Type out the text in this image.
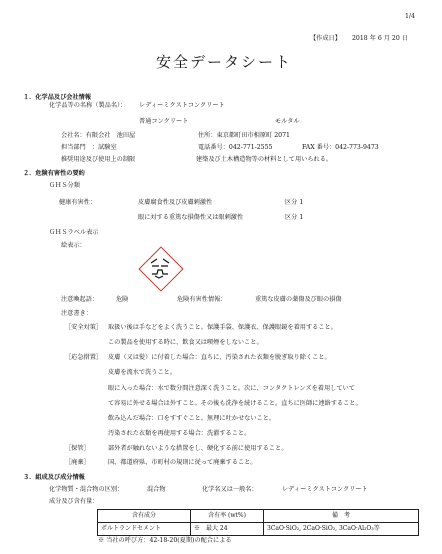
1/4
【作成日】 2018 年 6 月 20 日
安全データシート
１．化学品及び会社情報
化学品等の名称（製品名）： レディーミクストコンクリート
普通コンクリート	モルタル
会社名：有限会社　池田屋	住所：東京都町田市相原町 2071
担当部門　：試験室	電話番号：042-771-2555	FAX 番号：042-773-9473
推奨用途及び使用上の制限	建築及び土木構造物等の材料として用いられる。
２．危険有害性の要約
ＧＨＳ分類
健康有害性：	皮膚腐食性及び皮膚刺激性	区分 1
眼に対する重篤な損傷性又は眼刺激性	区分 1
ＧＨＳラベル表示
絵表示：
注意喚起語：	危険	危険有害性情報：	重篤な皮膚の薬傷及び眼の損傷
注意書き：
［安全対策］ 取扱い後は手などをよく洗うこと。保護手袋、保護衣、保護眼鏡を着用すること。
この製品を使用する時に、飲食又は喫煙をしないこと。
［応急措置］ 皮膚（又は髪）に付着した場合：直ちに、汚染された衣類を脱ぎ取り除くこと。
皮膚を流水で洗うこと。
眼に入った場合：水で数分間注意深く洗うこと。次に、コンタクトレンズを着用していて
て容易に外せる場合は外すこと。その後も洗浄を続けること。直ちに医師に連絡すること。
飲み込んだ場合：口をすすぐこと。無理に吐かせないこと。
汚染された衣類を再使用する場合：洗濯すること。
［保管］	部外者が触れないような措置をし、硬化する前に使用すること。
［廃棄］	国、都道府県、市町村の規則に従って廃棄すること。
３．組成及び成分情報
化学物質・混合物の区別：	混合物	化学名又は一般名：	レディーミクストコンクリート
成分及び含有量：
含有成分	含有率 (wt%)	備　考
ポルトランドセメント	※　最大 24	3CaO·SiO₂, 2CaO·SiO₂, 3CaO·Al₂O₃等
※ 当社の呼び方：42-18-20(夏期)の配合による
